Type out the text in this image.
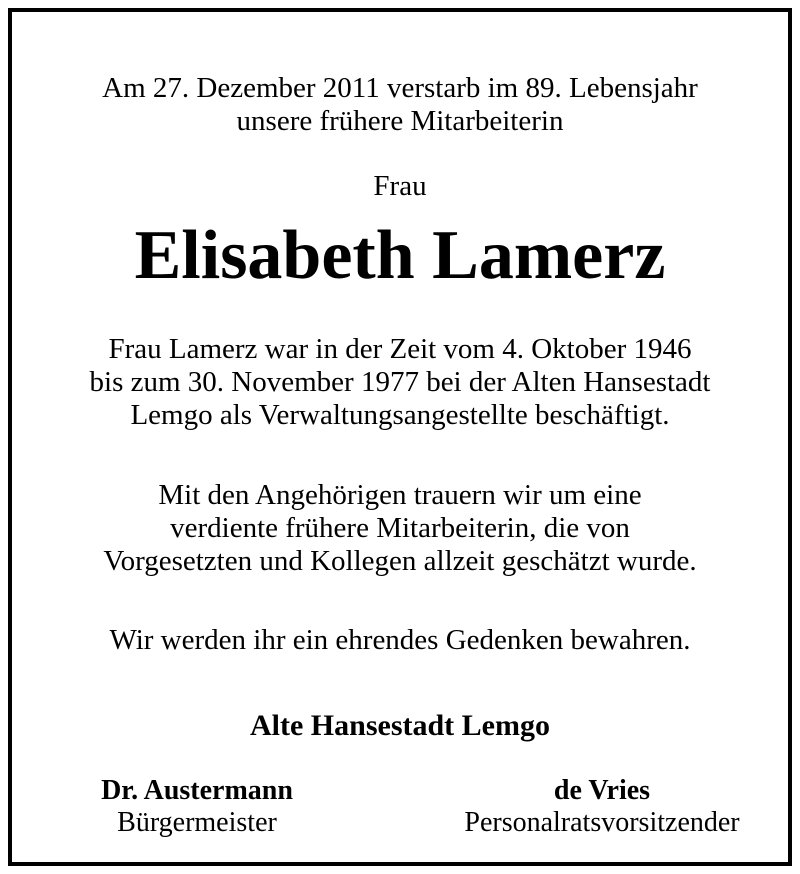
Am 27. Dezember 2011 verstarb im 89. Lebensjahr
unsere frühere Mitarbeiterin
Frau
Elisabeth Lamerz
Frau Lamerz war in der Zeit vom 4. Oktober 1946
bis zum 30. November 1977 bei der Alten Hansestadt
Lemgo als Verwaltungsangestellte beschäftigt.
Mit den Angehörigen trauern wir um eine
verdiente frühere Mitarbeiterin, die von
Vorgesetzten und Kollegen allzeit geschätzt wurde.
Wir werden ihr ein ehrendes Gedenken bewahren.
Alte Hansestadt Lemgo
Dr. Austermann
Bürgermeister
de Vries
Personalratsvorsitzender
